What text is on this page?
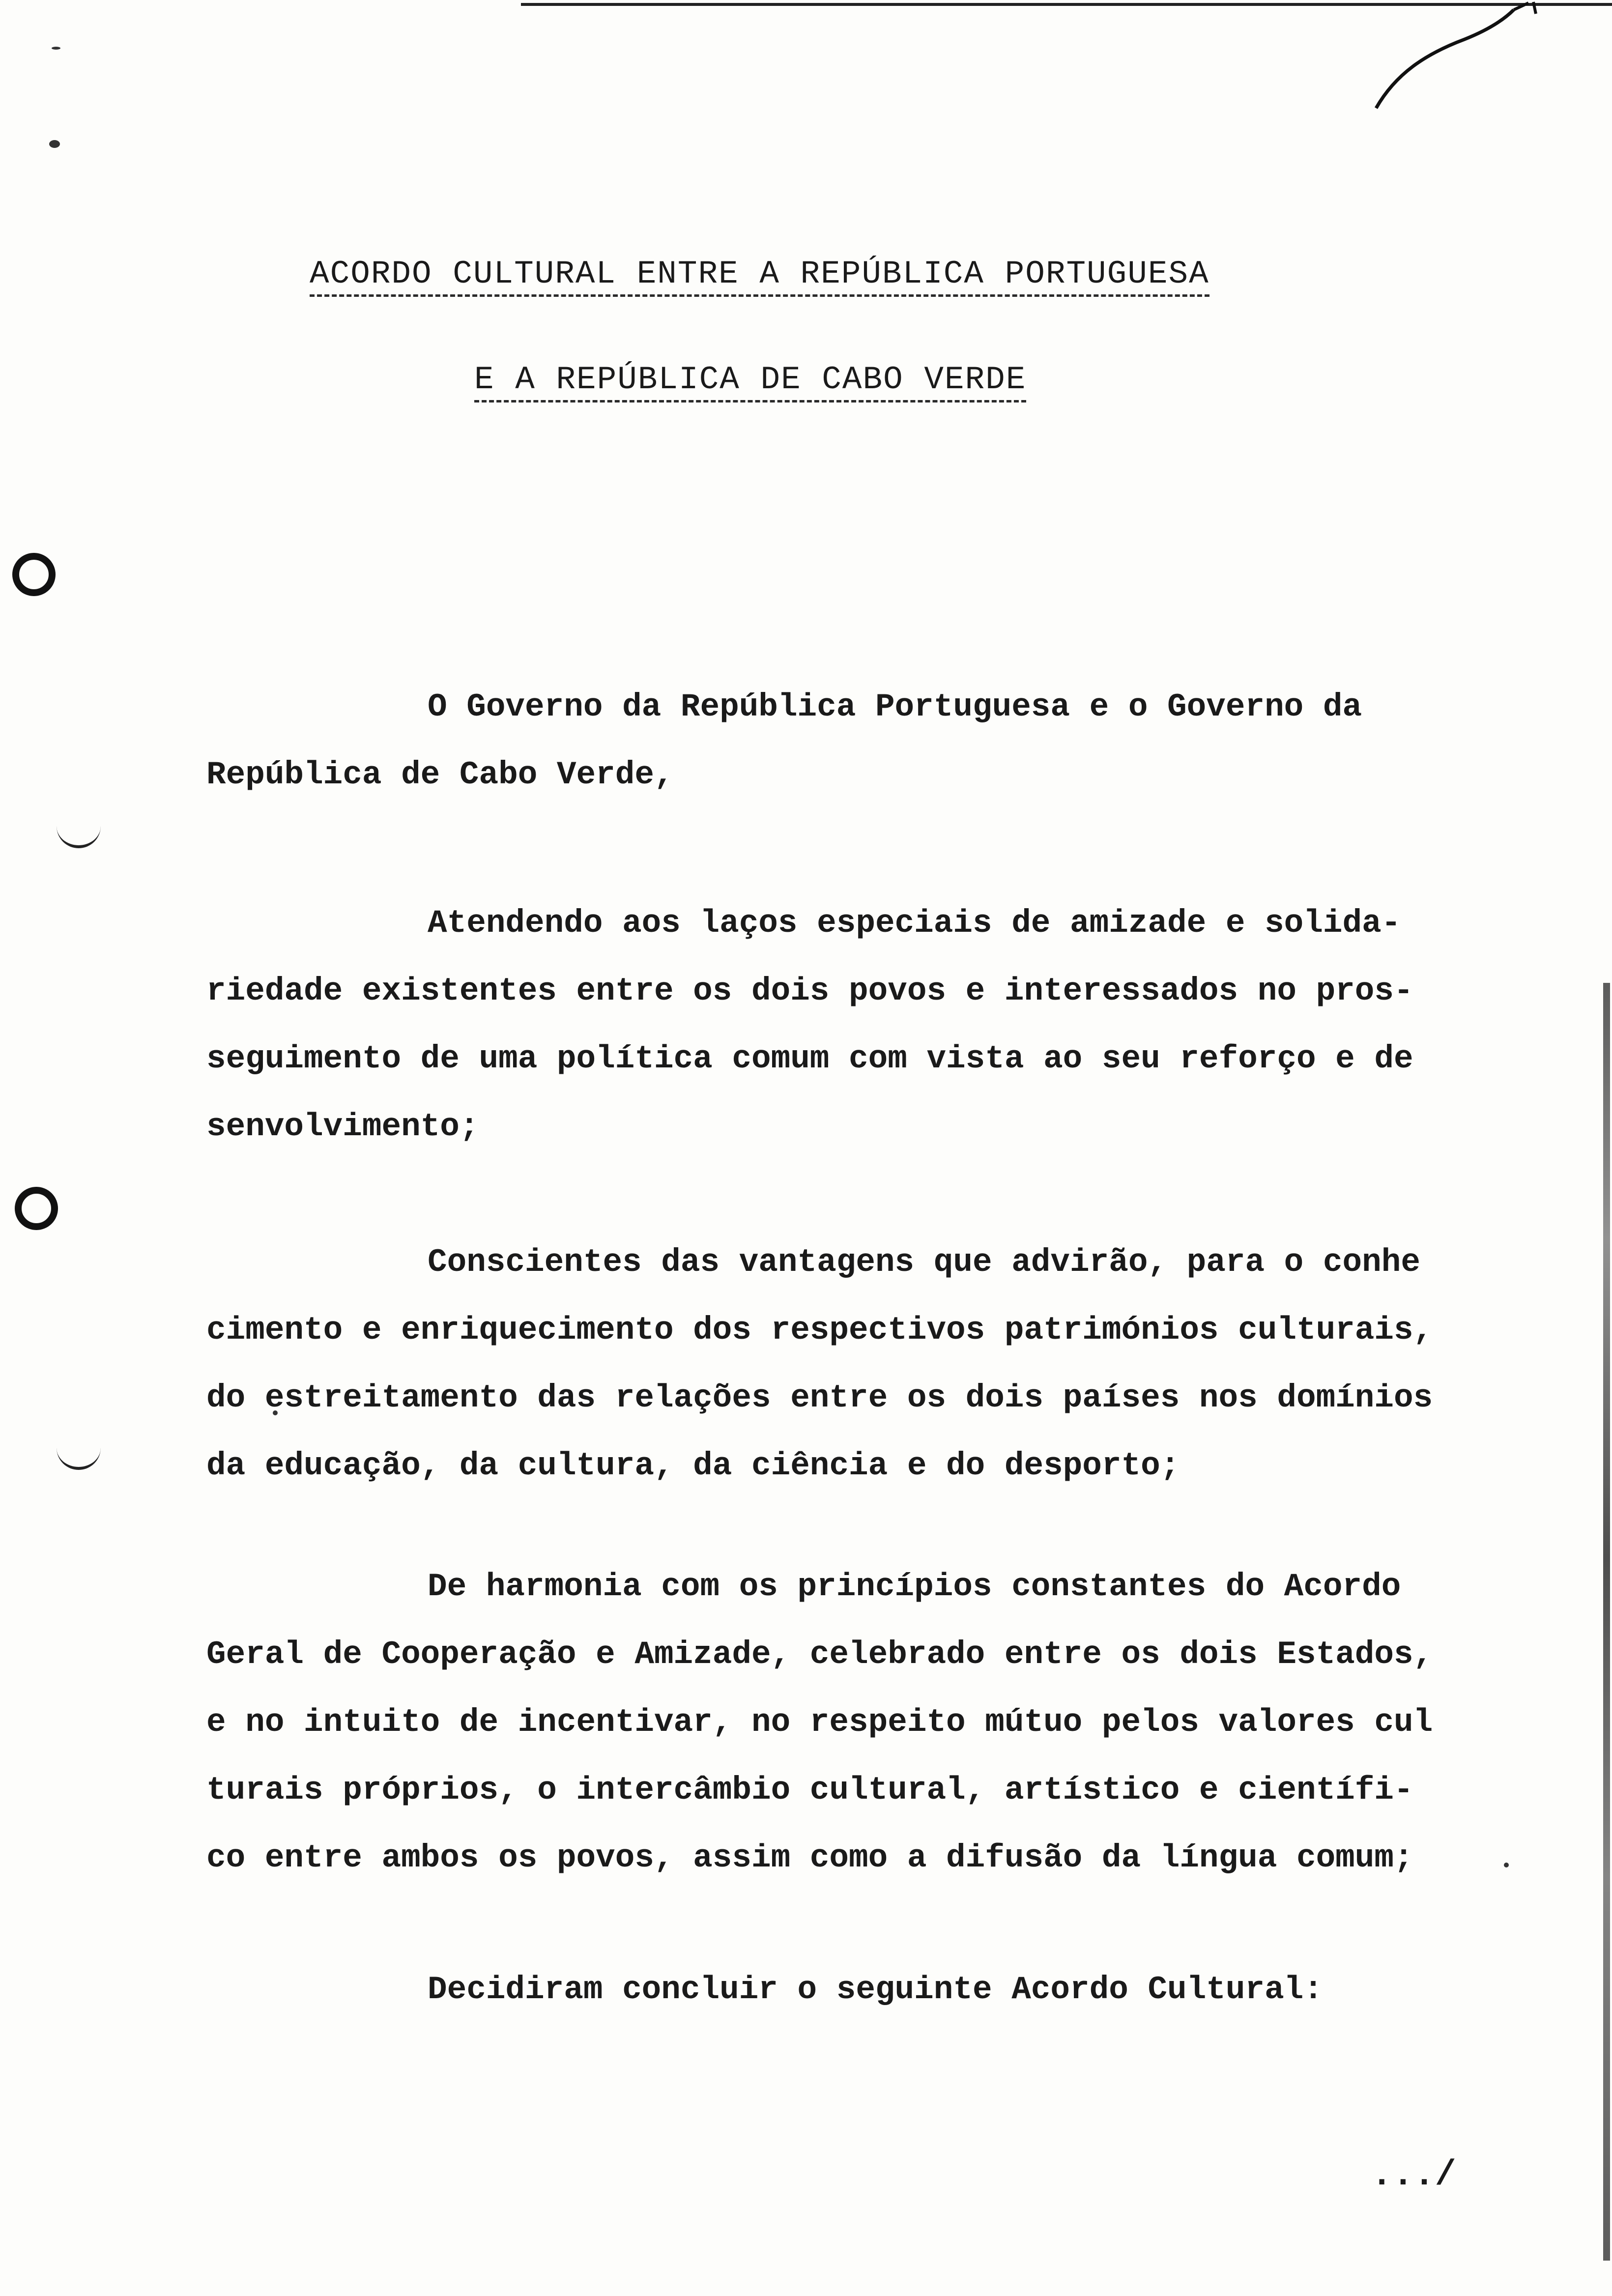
ACORDO CULTURAL ENTRE A REPÚBLICA PORTUGUESA
E A REPÚBLICA DE CABO VERDE
O Governo da República Portuguesa e o Governo da
República de Cabo Verde,
Atendendo aos laços especiais de amizade e solida-
riedade existentes entre os dois povos e interessados no pros-
seguimento de uma política comum com vista ao seu reforço e de
senvolvimento;
Conscientes das vantagens que advirão, para o conhe
cimento e enriquecimento dos respectivos patrimónios culturais,
do estreitamento das relações entre os dois países nos domínios
da educação, da cultura, da ciência e do desporto;
De harmonia com os princípios constantes do Acordo
Geral de Cooperação e Amizade, celebrado entre os dois Estados,
e no intuito de incentivar, no respeito mútuo pelos valores cul
turais próprios, o intercâmbio cultural, artístico e científi-
co entre ambos os povos, assim como a difusão da língua comum;
Decidiram concluir o seguinte Acordo Cultural:
.../
